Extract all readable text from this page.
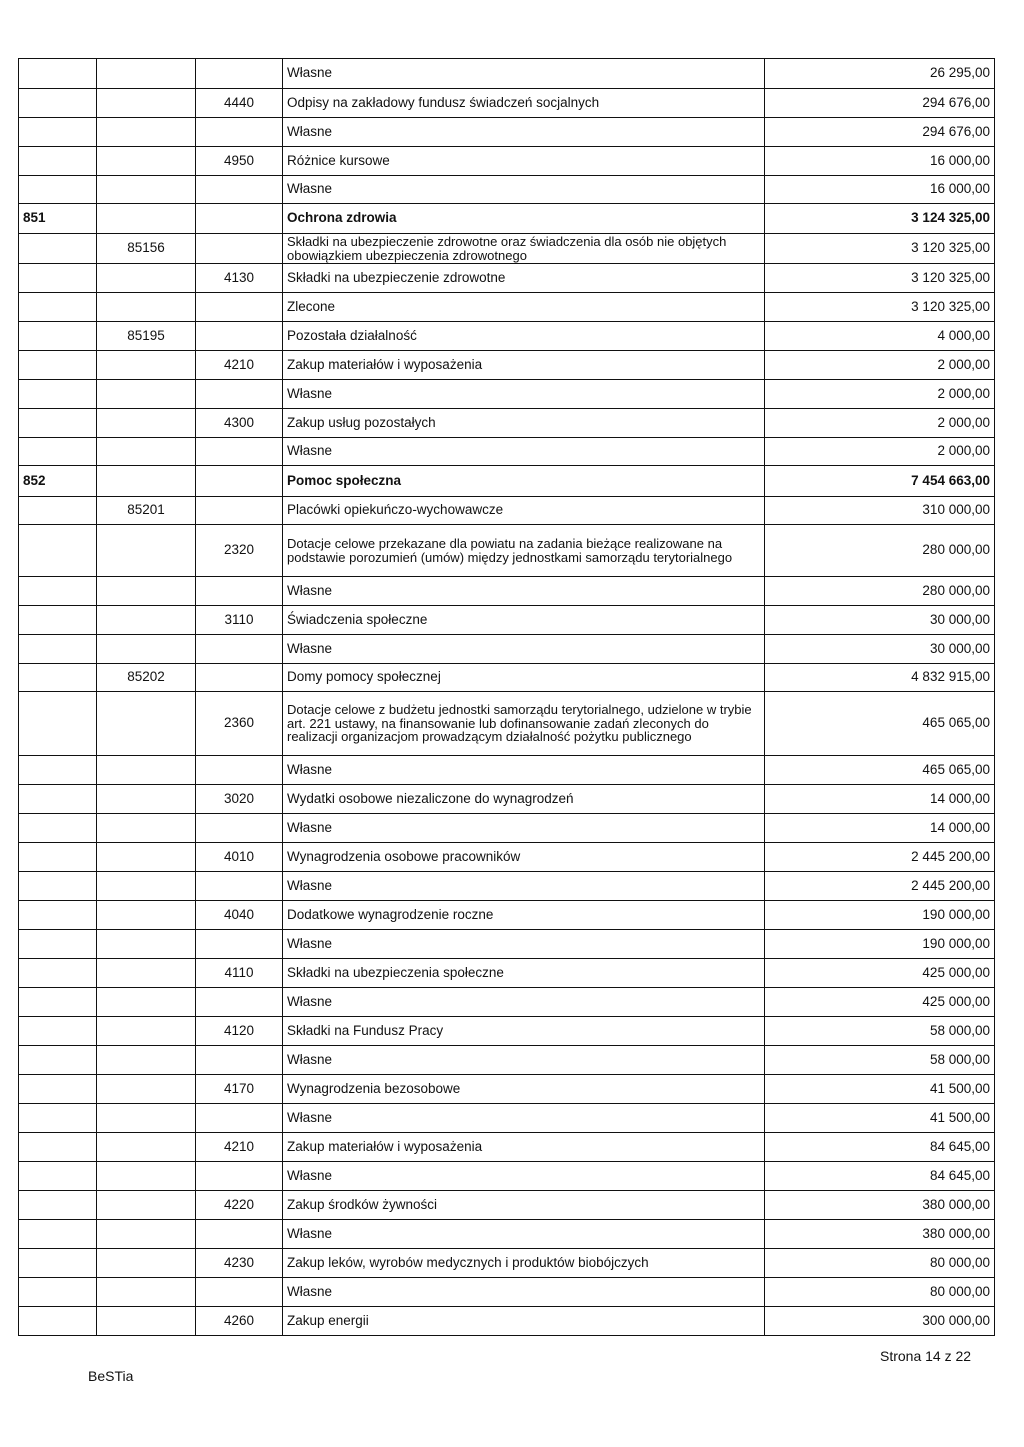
			Własne	26 295,00
		4440	Odpisy na zakładowy fundusz świadczeń socjalnych	294 676,00
			Własne	294 676,00
		4950	Różnice kursowe	16 000,00
			Własne	16 000,00
851			Ochrona zdrowia	3 124 325,00
	85156		Składki na ubezpieczenie zdrowotne oraz świadczenia dla osób nie objętych obowiązkiem ubezpieczenia zdrowotnego	3 120 325,00
		4130	Składki na ubezpieczenie zdrowotne	3 120 325,00
			Zlecone	3 120 325,00
	85195		Pozostała działalność	4 000,00
		4210	Zakup materiałów i wyposażenia	2 000,00
			Własne	2 000,00
		4300	Zakup usług pozostałych	2 000,00
			Własne	2 000,00
852			Pomoc społeczna	7 454 663,00
	85201		Placówki opiekuńczo-wychowawcze	310 000,00
		2320	Dotacje celowe przekazane dla powiatu na zadania bieżące realizowane na podstawie porozumień (umów) między jednostkami samorządu terytorialnego	280 000,00
			Własne	280 000,00
		3110	Świadczenia społeczne	30 000,00
			Własne	30 000,00
	85202		Domy pomocy społecznej	4 832 915,00
		2360	Dotacje celowe z budżetu jednostki samorządu terytorialnego, udzielone w trybie art. 221 ustawy, na finansowanie lub dofinansowanie zadań zleconych do realizacji organizacjom prowadzącym działalność pożytku publicznego	465 065,00
			Własne	465 065,00
		3020	Wydatki osobowe niezaliczone do wynagrodzeń	14 000,00
			Własne	14 000,00
		4010	Wynagrodzenia osobowe pracowników	2 445 200,00
			Własne	2 445 200,00
		4040	Dodatkowe wynagrodzenie roczne	190 000,00
			Własne	190 000,00
		4110	Składki na ubezpieczenia społeczne	425 000,00
			Własne	425 000,00
		4120	Składki na Fundusz Pracy	58 000,00
			Własne	58 000,00
		4170	Wynagrodzenia bezosobowe	41 500,00
			Własne	41 500,00
		4210	Zakup materiałów i wyposażenia	84 645,00
			Własne	84 645,00
		4220	Zakup środków żywności	380 000,00
			Własne	380 000,00
		4230	Zakup leków, wyrobów medycznych i produktów biobójczych	80 000,00
			Własne	80 000,00
		4260	Zakup energii	300 000,00
BeSTia
Strona 14 z 22
